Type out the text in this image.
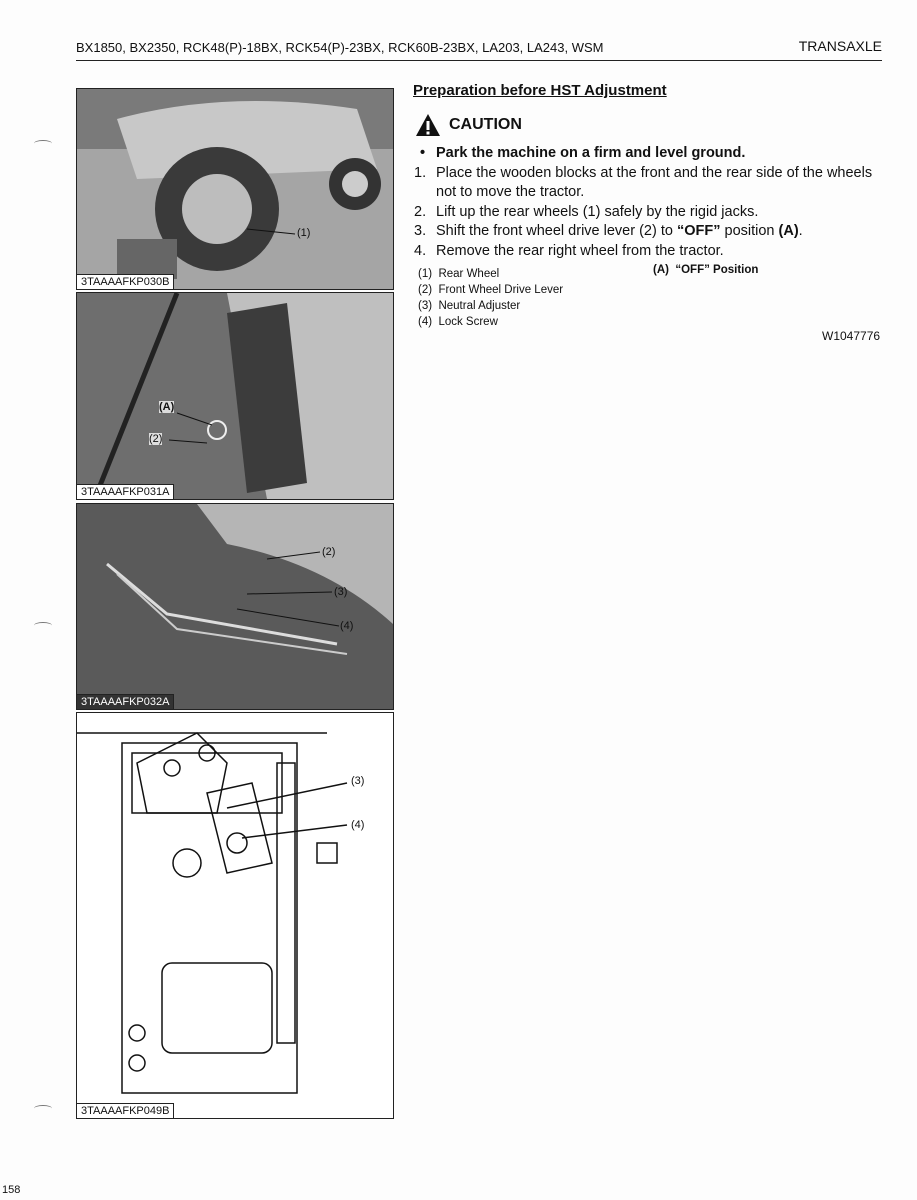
BX1850, BX2350, RCK48(P)-18BX, RCK54(P)-23BX, RCK60B-23BX, LA203, LA243, WSM	TRANSAXLE
(1)
3TAAAAFKP030B
(A)
(2)
3TAAAAFKP031A
(2)
(3)
(4)
3TAAAAFKP032A
(3)
(4)
3TAAAAFKP049B
Preparation before HST Adjustment
CAUTION
• Park the machine on a firm and level ground.
1. Place the wooden blocks at the front and the rear side of the wheels not to move the tractor.
2. Lift up the rear wheels (1) safely by the rigid jacks.
3. Shift the front wheel drive lever (2) to “OFF” position (A).
4. Remove the rear right wheel from the tractor.
(1)  Rear Wheel
(2)  Front Wheel Drive Lever
(3)  Neutral Adjuster
(4)  Lock Screw
(A)  “OFF” Position
W1047776
158
